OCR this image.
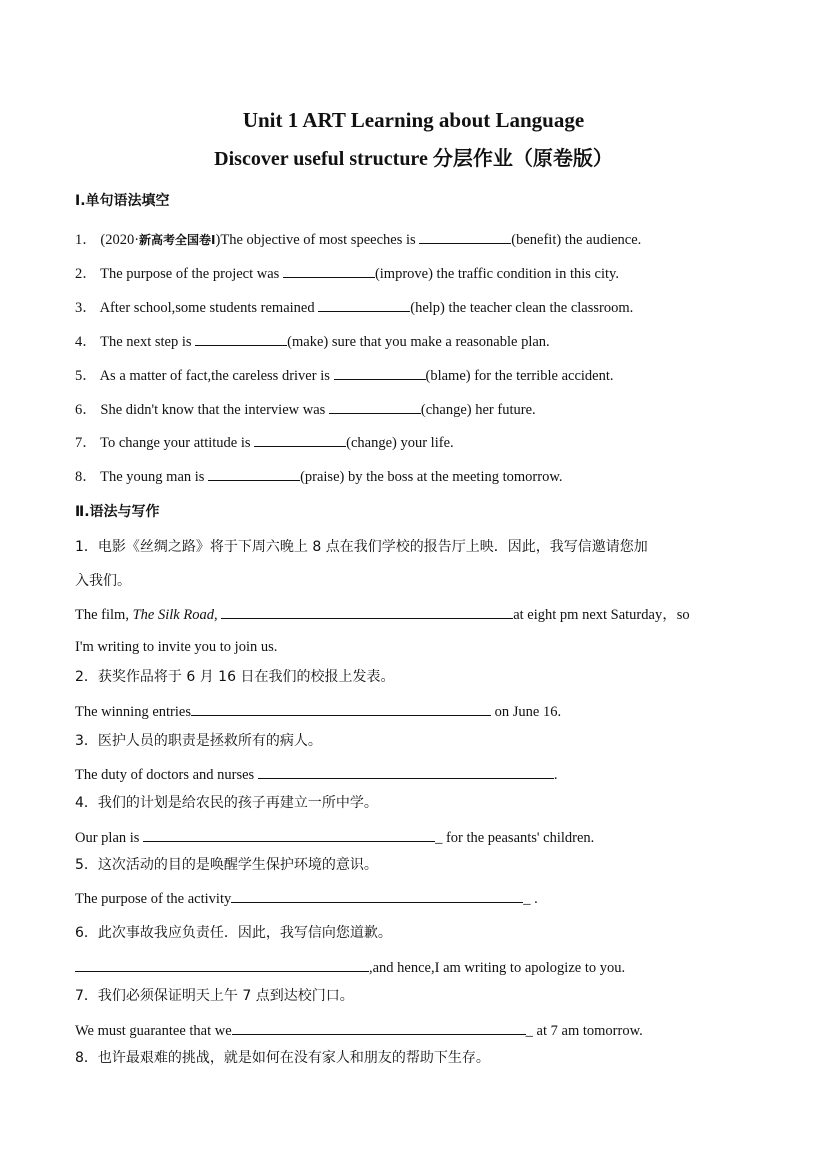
Unit 1 ART Learning about Language
Discover useful structure 分层作业（原卷版）
Ⅰ.单句语法填空
1． (2020·新高考全国卷Ⅰ)The objective of most speeches is	(benefit) the audience.
2． The purpose of the project was	(improve) the traffic condition in this city.
3． After school,some students remained	(help) the teacher clean the classroom.
4． The next step is	(make) sure that you make a reasonable plan.
5． As a matter of fact,the careless driver is	(blame) for the terrible accident.
6． She didn't know that the interview was	(change) her future.
7． To change your attitude is	(change) your life.
8． The young man is	(praise) by the boss at the meeting tomorrow.
Ⅱ.语法与写作
1．电影《丝绸之路》将于下周六晚上 8 点在我们学校的报告厅上映．因此，我写信邀请您加
入我们。
The film, The Silk Road,	at eight pm next Saturday，so
I'm writing to invite you to join us.
2．获奖作品将于 6 月 16 日在我们的校报上发表。
The winning entries	on June 16.
3．医护人员的职责是拯救所有的病人。
The duty of doctors and nurses	.
4．我们的计划是给农民的孩子再建立一所中学。
Our plan is	_ for the peasants' children.
5．这次活动的目的是唤醒学生保护环境的意识。
The purpose of the activity	_ .
6．此次事故我应负责任．因此，我写信向您道歉。
,and hence,I am writing to apologize to you.
7．我们必须保证明天上午 7 点到达校门口。
We must guarantee that we	_ at 7 am tomorrow.
8．也许最艰难的挑战，就是如何在没有家人和朋友的帮助下生存。
